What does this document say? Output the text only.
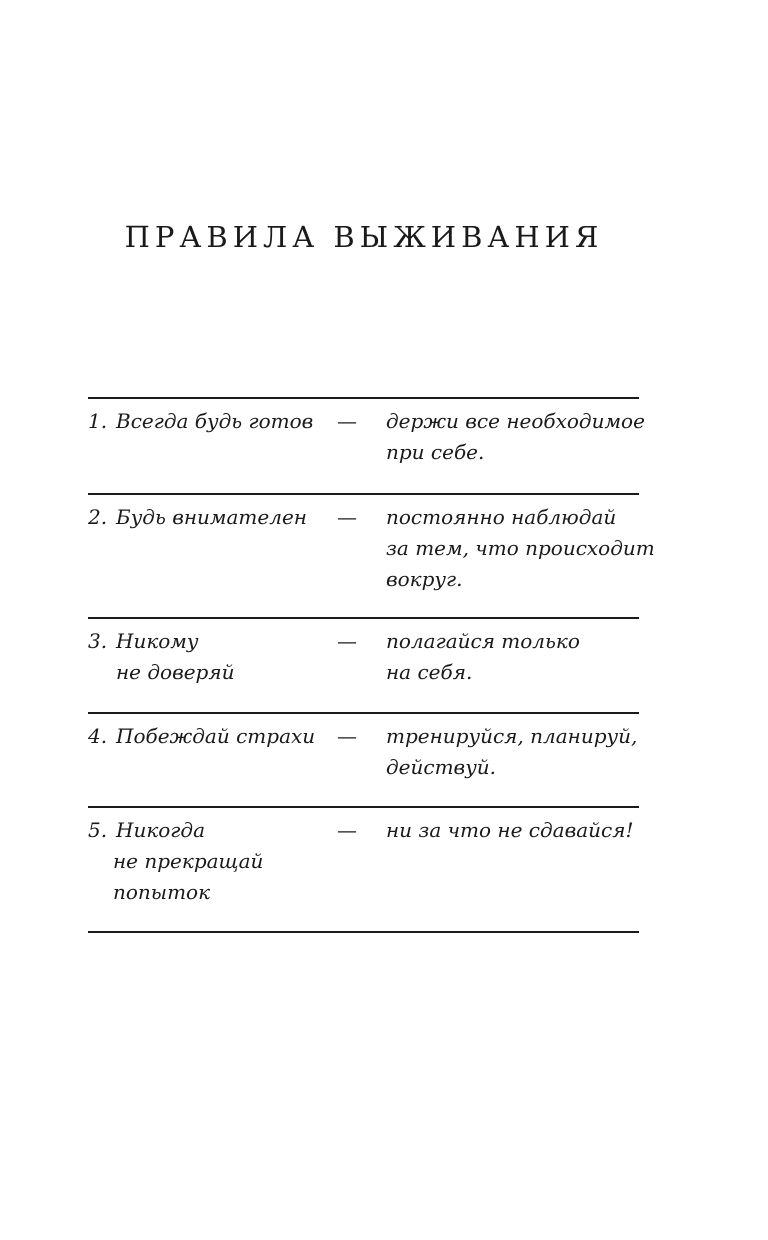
ПРАВИЛА ВЫЖИВАНИЯ
1. Всегда будь готов	— держи все необходимое
при себе.
2. Будь внимателен	— постоянно наблюдай
за тем, что происходит
вокруг.
3. Никому
не доверяй
— полагайся только
на себя.
4. Побеждай страхи	— тренируйся, планируй,
действуй.
5. Никогда
не прекращай
попыток
— ни за что не сдавайся!
